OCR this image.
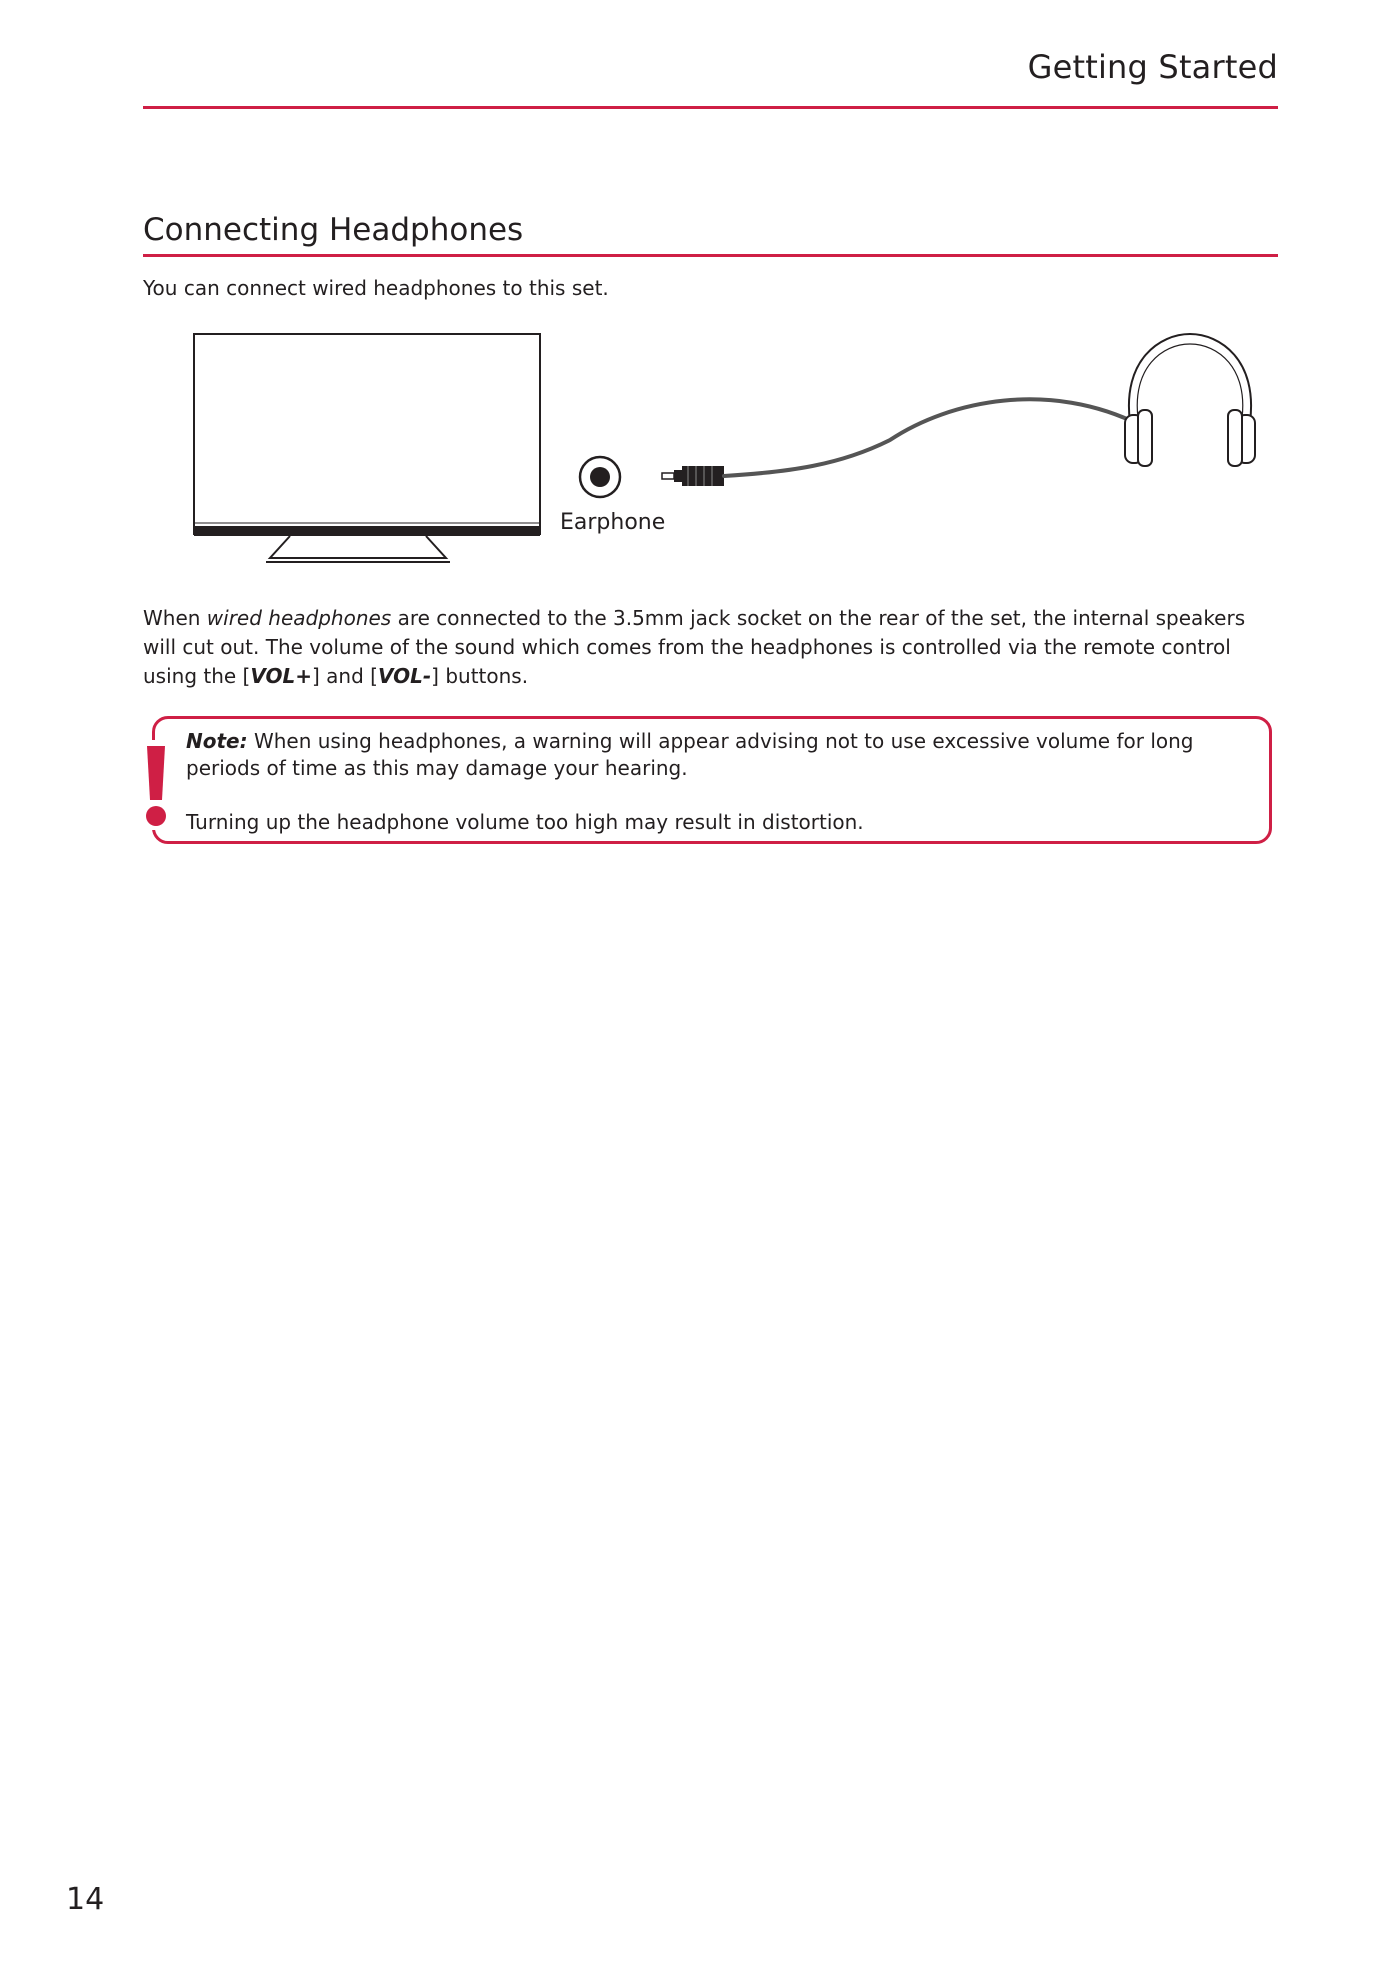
Getting Started
Connecting Headphones
You can connect wired headphones to this set.
Earphone
When wired headphones are connected to the 3.5mm jack socket on the rear of the set, the internal speakers will cut out. The volume of the sound which comes from the headphones is controlled via the remote control using the [VOL+] and [VOL-] buttons.
Note: When using headphones, a warning will appear advising not to use excessive volume for long periods of time as this may damage your hearing.
Turning up the headphone volume too high may result in distortion.
14
